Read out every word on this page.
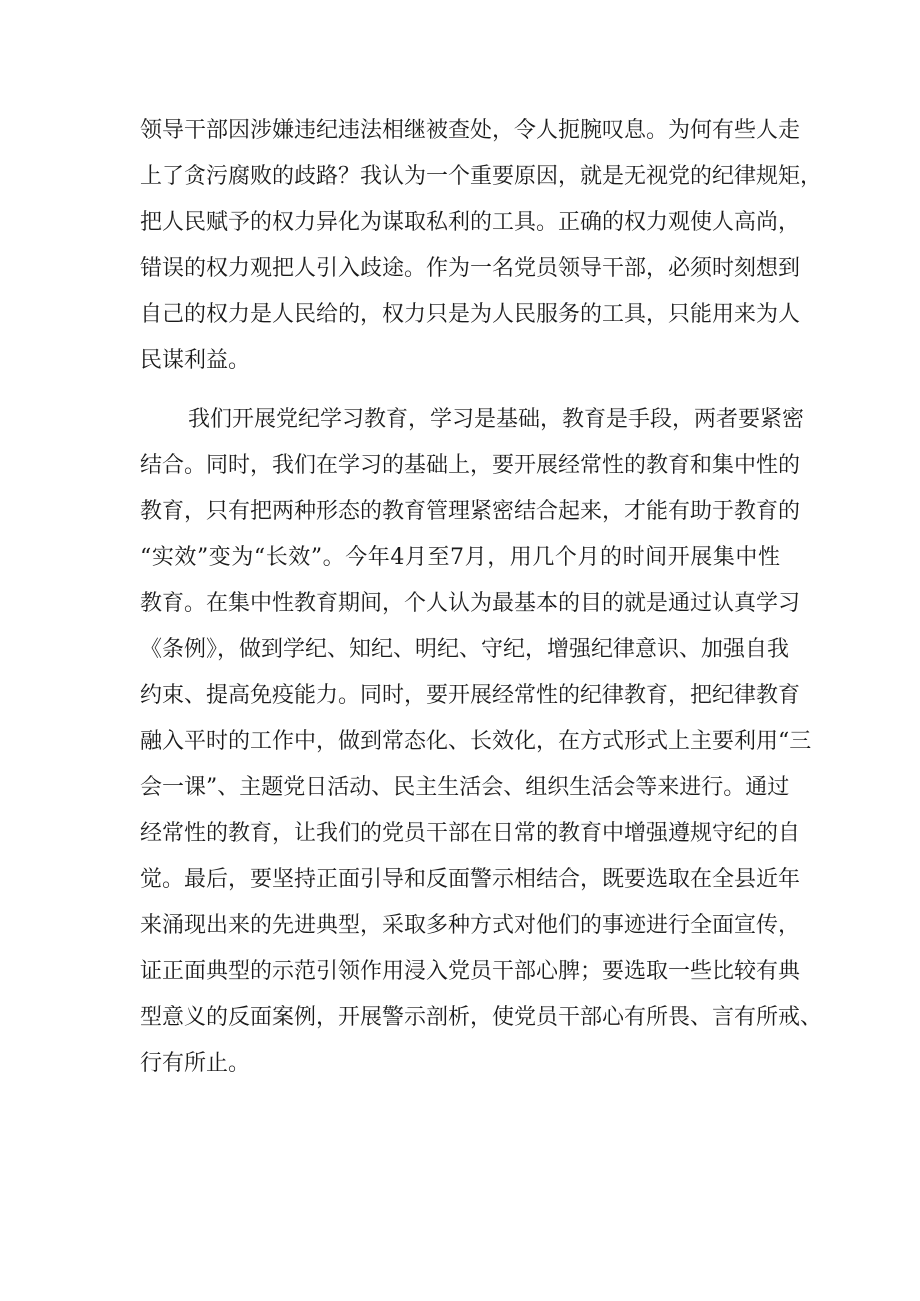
领导干部因涉嫌违纪违法相继被查处，令人扼腕叹息。为何有些人走
上了贪污腐败的歧路？我认为一个重要原因，就是无视党的纪律规矩，
把人民赋予的权力异化为谋取私利的工具。正确的权力观使人高尚，
错误的权力观把人引入歧途。作为一名党员领导干部，必须时刻想到
自己的权力是人民给的，权力只是为人民服务的工具，只能用来为人
民谋利益。
我们开展党纪学习教育，学习是基础，教育是手段，两者要紧密
结合。同时，我们在学习的基础上，要开展经常性的教育和集中性的
教育，只有把两种形态的教育管理紧密结合起来，才能有助于教育的
“实效”变为“长效”。今年4月至7月，用几个月的时间开展集中性
教育。在集中性教育期间，个人认为最基本的目的就是通过认真学习
《条例》，做到学纪、知纪、明纪、守纪，增强纪律意识、加强自我
约束、提高免疫能力。同时，要开展经常性的纪律教育，把纪律教育
融入平时的工作中，做到常态化、长效化，在方式形式上主要利用“三
会一课”、主题党日活动、民主生活会、组织生活会等来进行。通过
经常性的教育，让我们的党员干部在日常的教育中增强遵规守纪的自
觉。最后，要坚持正面引导和反面警示相结合，既要选取在全县近年
来涌现出来的先进典型，采取多种方式对他们的事迹进行全面宣传，
证正面典型的示范引领作用浸入党员干部心脾；要选取一些比较有典
型意义的反面案例，开展警示剖析，使党员干部心有所畏、言有所戒、
行有所止。
